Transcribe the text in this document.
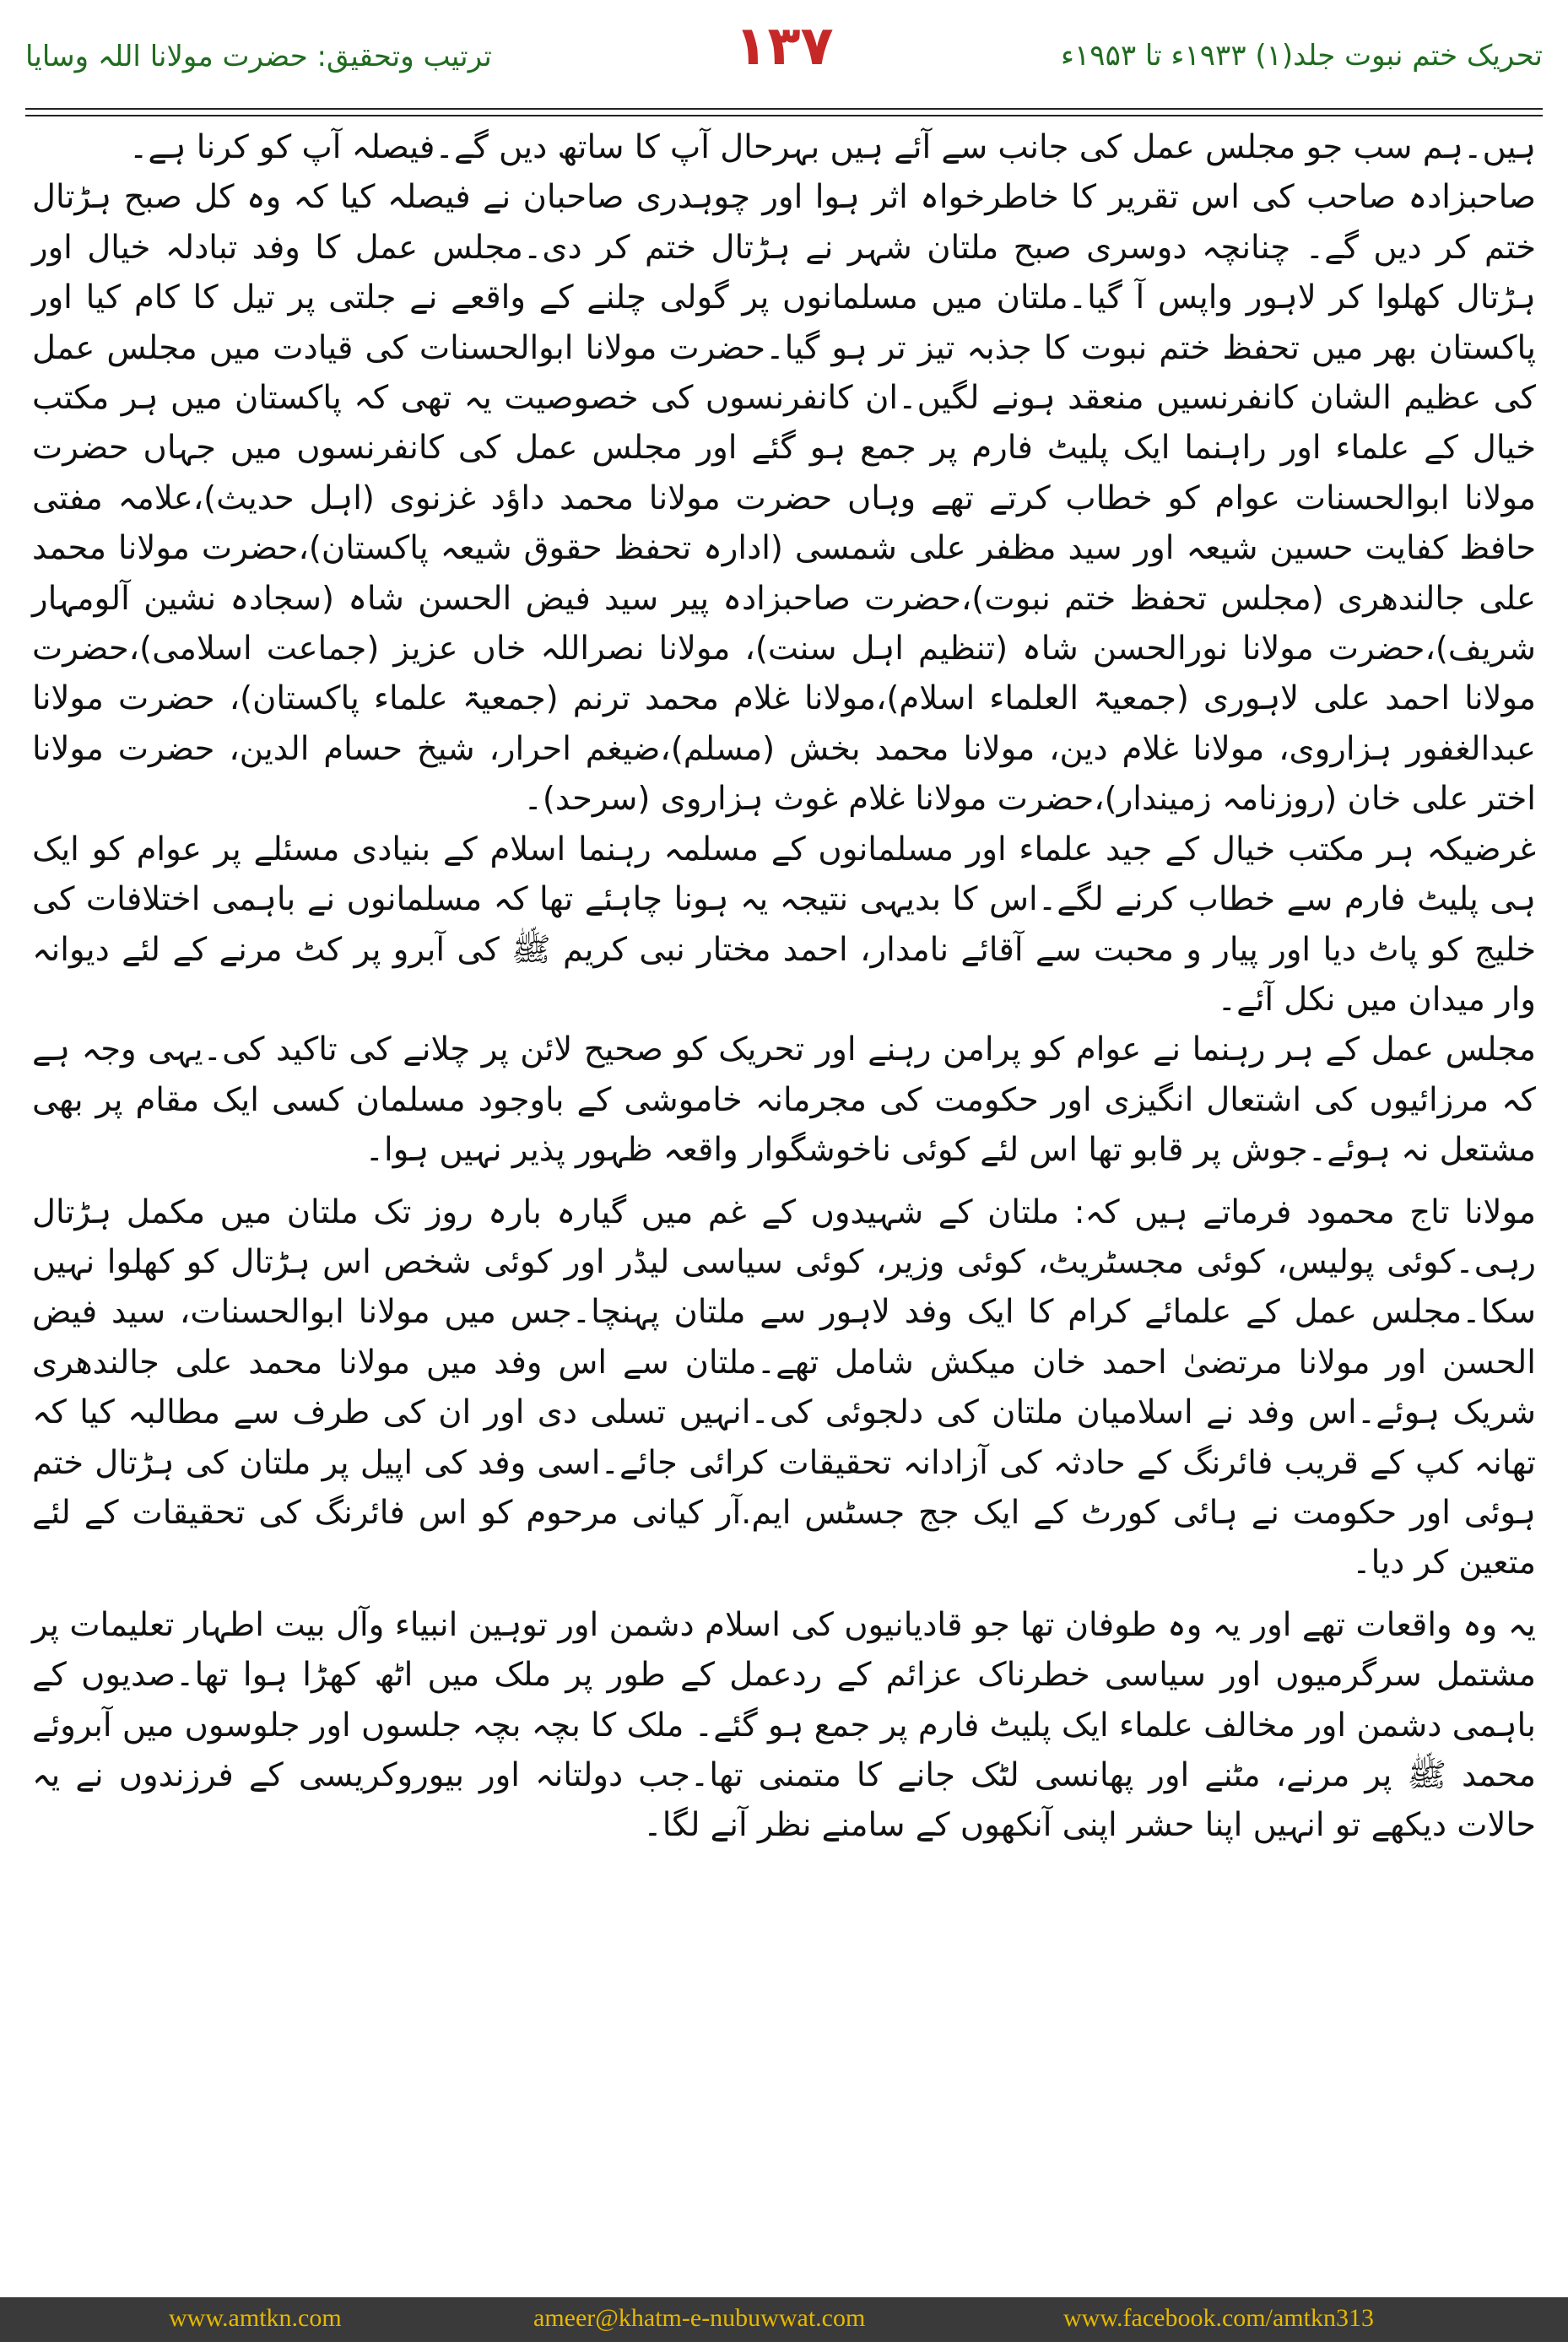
تحریک ختم نبوت جلد(۱) ۱۹۳۳ء تا ۱۹۵۳ء
۱۳۷
ترتیب وتحقیق: حضرت مولانا اللہ وسایا

ہیں۔ہم سب جو مجلس عمل کی جانب سے آئے ہیں بہرحال آپ کا ساتھ دیں گے۔فیصلہ آپ کو کرنا ہے۔

صاحبزادہ صاحب کی اس تقریر کا خاطرخواہ اثر ہوا اور چوہدری صاحبان نے فیصلہ کیا کہ وہ کل صبح ہڑتال ختم کر دیں گے۔ چنانچہ دوسری صبح ملتان شہر نے ہڑتال ختم کر دی۔مجلس عمل کا وفد تبادلہ خیال اور ہڑتال کھلوا کر لاہور واپس آ گیا۔ملتان میں مسلمانوں پر گولی چلنے کے واقعے نے جلتی پر تیل کا کام کیا اور پاکستان بھر میں تحفظ ختم نبوت کا جذبہ تیز تر ہو گیا۔حضرت مولانا ابوالحسنات کی قیادت میں مجلس عمل کی عظیم الشان کانفرنسیں منعقد ہونے لگیں۔ان کانفرنسوں کی خصوصیت یہ تھی کہ پاکستان میں ہر مکتب خیال کے علماء اور راہنما ایک پلیٹ فارم پر جمع ہو گئے اور مجلس عمل کی کانفرنسوں میں جہاں حضرت مولانا ابوالحسنات عوام کو خطاب کرتے تھے وہاں حضرت مولانا محمد داؤد غزنوی (اہل حدیث)،علامہ مفتی حافظ کفایت حسین شیعہ اور سید مظفر علی شمسی (ادارہ تحفظ حقوق شیعہ پاکستان)،حضرت مولانا محمد علی جالندھری (مجلس تحفظ ختم نبوت)،حضرت صاحبزادہ پیر سید فیض الحسن شاہ (سجادہ نشین آلومہار شریف)،حضرت مولانا نورالحسن شاہ (تنظیم اہل سنت)، مولانا نصراللہ خاں عزیز (جماعت اسلامی)،حضرت مولانا احمد علی لاہوری (جمعیۃ العلماء اسلام)،مولانا غلام محمد ترنم (جمعیۃ علماء پاکستان)، حضرت مولانا عبدالغفور ہزاروی، مولانا غلام دین، مولانا محمد بخش (مسلم)،ضیغم احرار، شیخ حسام الدین، حضرت مولانا اختر علی خان (روزنامہ زمیندار)،حضرت مولانا غلام غوث ہزاروی (سرحد)۔

غرضیکہ ہر مکتب خیال کے جید علماء اور مسلمانوں کے مسلمہ رہنما اسلام کے بنیادی مسئلے پر عوام کو ایک ہی پلیٹ فارم سے خطاب کرنے لگے۔اس کا بدیہی نتیجہ یہ ہونا چاہئے تھا کہ مسلمانوں نے باہمی اختلافات کی خلیج کو پاٹ دیا اور پیار و محبت سے آقائے نامدار، احمد مختار نبی کریم ﷺ کی آبرو پر کٹ مرنے کے لئے دیوانہ وار میدان میں نکل آئے۔

مجلس عمل کے ہر رہنما نے عوام کو پرامن رہنے اور تحریک کو صحیح لائن پر چلانے کی تاکید کی۔یہی وجہ ہے کہ مرزائیوں کی اشتعال انگیزی اور حکومت کی مجرمانہ خاموشی کے باوجود مسلمان کسی ایک مقام پر بھی مشتعل نہ ہوئے۔جوش پر قابو تھا اس لئے کوئی ناخوشگوار واقعہ ظہور پذیر نہیں ہوا۔

مولانا تاج محمود فرماتے ہیں کہ: ملتان کے شہیدوں کے غم میں گیارہ بارہ روز تک ملتان میں مکمل ہڑتال رہی۔کوئی پولیس، کوئی مجسٹریٹ، کوئی وزیر، کوئی سیاسی لیڈر اور کوئی شخص اس ہڑتال کو کھلوا نہیں سکا۔مجلس عمل کے علمائے کرام کا ایک وفد لاہور سے ملتان پہنچا۔جس میں مولانا ابوالحسنات، سید فیض الحسن اور مولانا مرتضیٰ احمد خان میکش شامل تھے۔ملتان سے اس وفد میں مولانا محمد علی جالندھری شریک ہوئے۔اس وفد نے اسلامیان ملتان کی دلجوئی کی۔انہیں تسلی دی اور ان کی طرف سے مطالبہ کیا کہ تھانہ کپ کے قریب فائرنگ کے حادثہ کی آزادانہ تحقیقات کرائی جائے۔اسی وفد کی اپیل پر ملتان کی ہڑتال ختم ہوئی اور حکومت نے ہائی کورٹ کے ایک جج جسٹس ایم.آر کیانی مرحوم کو اس فائرنگ کی تحقیقات کے لئے متعین کر دیا۔

یہ وہ واقعات تھے اور یہ وہ طوفان تھا جو قادیانیوں کی اسلام دشمن اور توہین انبیاء وآل بیت اطہار تعلیمات پر مشتمل سرگرمیوں اور سیاسی خطرناک عزائم کے ردعمل کے طور پر ملک میں اٹھ کھڑا ہوا تھا۔صدیوں کے باہمی دشمن اور مخالف علماء ایک پلیٹ فارم پر جمع ہو گئے۔ ملک کا بچہ بچہ جلسوں اور جلوسوں میں آبروئے محمد ﷺ پر مرنے، مٹنے اور پھانسی لٹک جانے کا متمنی تھا۔جب دولتانہ اور بیوروکریسی کے فرزندوں نے یہ حالات دیکھے تو انہیں اپنا حشر اپنی آنکھوں کے سامنے نظر آنے لگا۔

www.amtkn.com	ameer@khatm-e-nubuwwat.com	www.facebook.com/amtkn313
